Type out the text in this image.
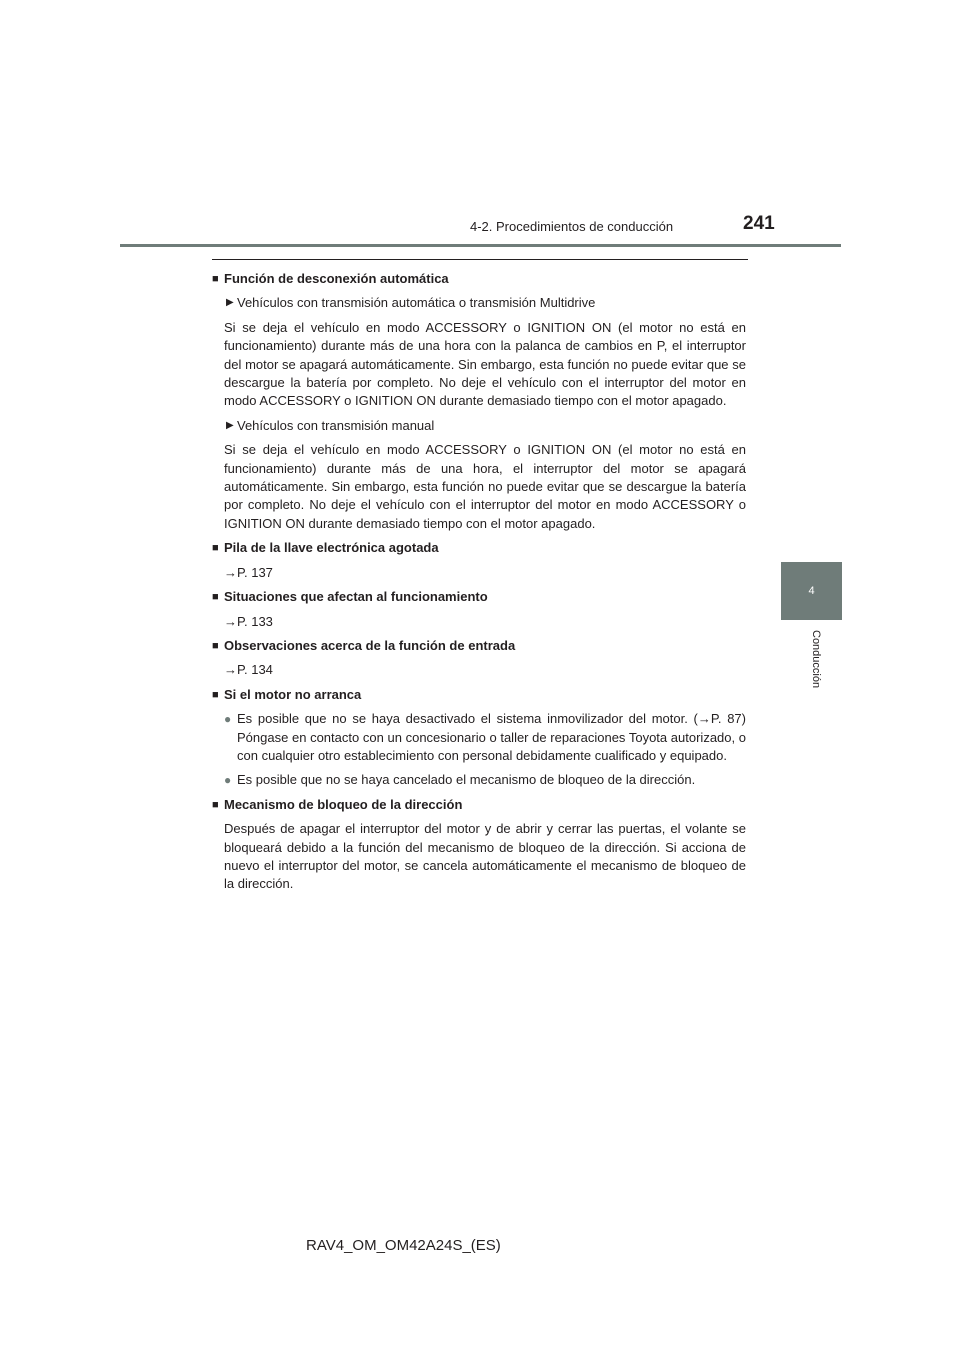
4-2. Procedimientos de conducción	241
4
Conducción
■ Función de desconexión automática
▶ Vehículos con transmisión automática o transmisión Multidrive

Si se deja el vehículo en modo ACCESSORY o IGNITION ON (el motor no está en funcionamiento) durante más de una hora con la palanca de cambios en P, el interruptor del motor se apagará automáticamente. Sin embargo, esta función no puede evitar que se descargue la batería por completo. No deje el vehículo con el interruptor del motor en modo ACCESSORY o IGNITION ON durante demasiado tiempo con el motor apagado.

▶ Vehículos con transmisión manual

Si se deja el vehículo en modo ACCESSORY o IGNITION ON (el motor no está en funcionamiento) durante más de una hora, el interruptor del motor se apagará automáticamente. Sin embargo, esta función no puede evitar que se descargue la batería por completo. No deje el vehículo con el interruptor del motor en modo ACCESSORY o IGNITION ON durante demasiado tiempo con el motor apagado.

■ Pila de la llave electrónica agotada
→P. 137
■ Situaciones que afectan al funcionamiento
→P. 133
■ Observaciones acerca de la función de entrada
→P. 134
■ Si el motor no arranca
● Es posible que no se haya desactivado el sistema inmovilizador del motor. (→P. 87) Póngase en contacto con un concesionario o taller de reparaciones Toyota autorizado, o con cualquier otro establecimiento con personal debidamente cualificado y equipado.
● Es posible que no se haya cancelado el mecanismo de bloqueo de la dirección.
■ Mecanismo de bloqueo de la dirección

Después de apagar el interruptor del motor y de abrir y cerrar las puertas, el volante se bloqueará debido a la función del mecanismo de bloqueo de la dirección. Si acciona de nuevo el interruptor del motor, se cancela automáticamente el mecanismo de bloqueo de la dirección.

RAV4_OM_OM42A24S_(ES)
